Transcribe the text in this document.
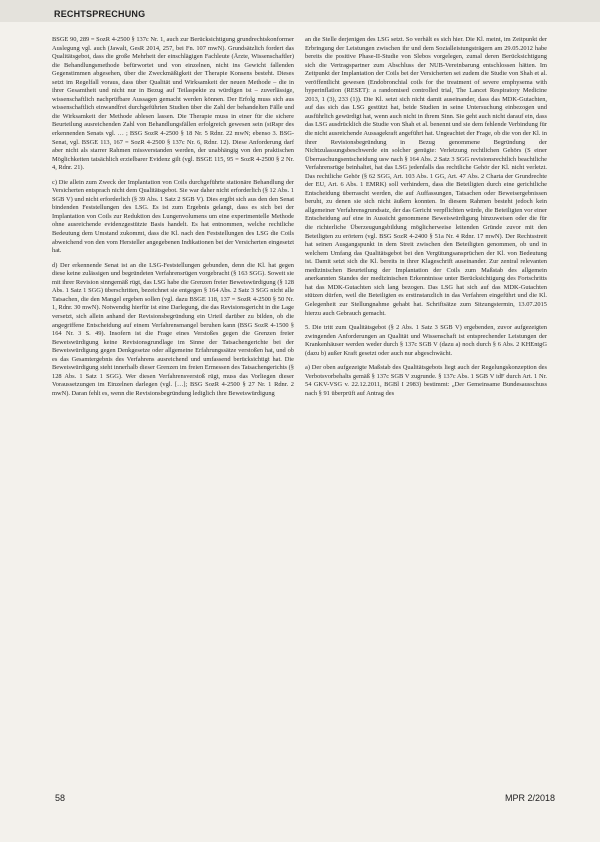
RECHTSPRECHUNG

BSGE 90, 289 = SozR 4-2500 § 137c Nr. 1, auch zur Berücksichtigung grundrechtskonformer Auslegung vgl. auch (Jawalt, GesR 2014, 257, bei Fn. 107 mwN). Grundsätzlich fordert das Qualitätsgebot, dass die große Mehrheit der einschlägigen Fachleute (Ärzte, Wissenschaftler) die Behandlungsmethode befürwortet und von einzelnen, nicht ins Gewicht fallenden Gegenstimmen abgesehen, über die Zweckmäßigkeit der Therapie Konsens besteht. Dieses setzt im Regelfall voraus, dass über Qualität und Wirksamkeit der neuen Methode – die in ihrer Gesamtheit und nicht nur in Bezug auf Teilaspekte zu würdigen ist – zuverlässige, wissenschaftlich nachprüfbare Aussagen gemacht werden können. Der Erfolg muss sich aus wissenschaftlich einwandfrei durchgeführten Studien über die Zahl der behandelten Fälle und die Wirksamkeit der Methode ablesen lassen. Die Therapie muss in einer für die sichere Beurteilung ausreichenden Zahl von Behandlungsfällen erfolgreich gewesen sein (stRspr des erkennenden Senats vgl. … ; BSG SozR 4-2500 § 18 Nr. 5 Rdnr. 22 mwN; ebenso 3. BSG-Senat, vgl. BSGE 113, 167 = SozR 4-2500 § 137c Nr. 6, Rdnr. 12). Diese Anforderung darf aber nicht als starrer Rahmen missverstanden werden, der unabhängig von den praktischen Möglichkeiten tatsächlich erzielbarer Evidenz gilt (vgl. BSGE 115, 95 = SozR 4-2500 § 2 Nr. 4, Rdnr. 21).

c) Die allein zum Zweck der Implantation von Coils durchgeführte stationäre Behandlung der Versicherten entsprach nicht dem Qualitätsgebot. Sie war daher nicht erforderlich (§ 12 Abs. 1 SGB V) und nicht erforderlich (§ 39 Abs. 1 Satz 2 SGB V). Dies ergibt sich aus den den Senat bindenden Feststellungen des LSG. Es ist zum Ergebnis gelangt, dass es sich bei der Implantation von Coils zur Reduktion des Lungenvolumens um eine experimentelle Methode ohne ausreichende evidenzgestützte Basis handelt. Es hat entnommen, welche rechtliche Bedeutung dem Umstand zukommt, dass die Kl. nach den Feststellungen des LSG die Coils abweichend von den vom Hersteller angegebenen Indikationen bei der Versicherten eingesetzt hat.

d) Der erkennende Senat ist an die LSG-Feststellungen gebunden, denn die Kl. hat gegen diese keine zulässigen und begründeten Verfahrensrügen vorgebracht (§ 163 SGG). Soweit sie mit ihrer Revision sinngemäß rügt, das LSG habe die Grenzen freier Beweiswürdigung (§ 128 Abs. 1 Satz 1 SGG) überschritten, bezeichnet sie entgegen § 164 Abs. 2 Satz 3 SGG nicht alle Tatsachen, die den Mangel ergeben sollen (vgl. dazu BSGE 118, 137 = SozR 4-2500 § 50 Nr. 1, Rdnr. 30 mwN). Notwendig hierfür ist eine Darlegung, die das Revisionsgericht in die Lage versetzt, sich allein anhand der Revisionsbegründung ein Urteil darüber zu bilden, ob die angegriffene Entscheidung auf einem Verfahrensmangel beruhen kann (BSG SozR 4-1500 § 164 Nr. 3 S. 49). Insofern ist die Frage eines Verstoßes gegen die Grenzen freier Beweiswürdigung keine Revisionsgrundlage im Sinne der Tatsachengerichte bei der Beweiswürdigung gegen Denkgesetze oder allgemeine Erfahrungssätze verstoßen hat, und ob es das Gesamtergebnis des Verfahrens ausreichend und umfassend berücksichtigt hat. Die Beweiswürdigung steht innerhalb dieser Grenzen im freien Ermessen des Tatsachengerichts (§ 128 Abs. 1 Satz 1 SGG). Wer diesen Verfahrensverstoß rügt, muss das Vorliegen dieser Voraussetzungen im Einzelnen darlegen (vgl. […]; BSG SozR 4-2500 § 27 Nr. 1 Rdnr. 2 mwN). Daran fehlt es, wenn die Revisionsbegründung lediglich ihre Beweiswürdigung

an die Stelle derjenigen des LSG setzt. So verhält es sich hier. Die Kl. meint, im Zeitpunkt der Erbringung der Leistungen zwischen ihr und dem Sozialleistungsträgern am 29.05.2012 habe bereits die positive Phase-II-Studie von Slebos vorgelegen, zumal deren Berücksichtigung sich die Vertragspartner zum Abschluss der NUB-Vereinbarung entschlossen hätten. Im Zeitpunkt der Implantation der Coils bei der Versicherten sei zudem die Studie von Shah et al. veröffentlicht gewesen (Endobronchial coils for the treatment of severe emphysema with hyperinflation (RESET): a randomised controlled trial, The Lancet Respiratory Medicine 2013, 1 (3), 233 (1)). Die Kl. setzt sich nicht damit auseinander, dass das MDK-Gutachten, auf das sich das LSG gestützt hat, beide Studien in seine Untersuchung einbezogen und ausführlich gewürdigt hat, wenn auch nicht in ihrem Sinn. Sie geht auch nicht darauf ein, dass das LSG ausdrücklich die Studie von Shah et al. benennt und sie dem fehlende Verbindung für die nicht ausreichende Aussagekraft angeführt hat. Ungeachtet der Frage, ob die von der Kl. in ihrer Revisionsbegründung in Bezug genommene Begründung der Nichtzulassungsbeschwerde ein solcher genügte: Verletzung rechtlichen Gehörs (S einer Überraschungsentscheidung usw nach § 164 Abs. 2 Satz 3 SGG revisionsrechtlich beachtliche Verfahrensrüge beinhaltet, hat das LSG jedenfalls das rechtliche Gehör der Kl. nicht verletzt. Das rechtliche Gehör (§ 62 SGG, Art. 103 Abs. 1 GG, Art. 47 Abs. 2 Charta der Grundrechte der EU, Art. 6 Abs. 1 EMRK) soll verhindern, dass die Beteiligten durch eine gerichtliche Entscheidung überrascht werden, die auf Auffassungen, Tatsachen oder Beweisergebnissen beruht, zu denen sie sich nicht äußern konnten. In diesem Rahmen besteht jedoch kein allgemeiner Verfahrensgrundsatz, der das Gericht verpflichten würde, die Beteiligten vor einer Entscheidung auf eine in Aussicht genommene Beweiswürdigung hinzuweisen oder die für die richterliche Überzeugungsbildung möglicherweise leitenden Gründe zuvor mit den Beteiligten zu erörtern (vgl. BSG SozR 4-2400 § 51a Nr. 4 Rdnr. 17 mwN). Der Rechtsstreit hat seinen Ausgangspunkt in dem Streit zwischen den Beteiligten genommen, ob und in welchem Umfang das Qualitätsgebot bei den Vergütungsansprüchen der Kl. von Bedeutung ist. Damit setzt sich die Kl. bereits in ihrer Klageschrift auseinander. Zur zentral relevanten medizinischen Beurteilung der Implantation der Coils zum Maßstab des allgemein anerkannten Standes der medizinischen Erkenntnisse unter Berücksichtigung des Fortschritts hat das MDK-Gutachten sich lang bezogen. Das LSG hat sich auf das MDK-Gutachten stützen dürfen, weil die Beteiligten es erstinstanzlich in das Verfahren eingeführt und die Kl. Gelegenheit zur Stellungnahme gehabt hat. Schriftsätze zum Sitzungstermin, 13.07.2015 hierzu auch Gebrauch gemacht.

5. Die tritt zum Qualitätsgebot (§ 2 Abs. 1 Satz 3 SGB V) ergebenden, zuvor aufgezeigten zwingenden Anforderungen an Qualität und Wissenschaft ist entsprechender Leistungen der Krankenhäuser werden weder durch § 137c SGB V (dazu a) noch durch § 6 Abs. 2 KHEntgG (dazu b) außer Kraft gesetzt oder auch nur abgeschwächt.

a) Der oben aufgezeigte Maßstab des Qualitätsgebots liegt auch der Regelungskonzeption des Verbotsvorbehalts gemäß § 137c SGB V zugrunde. § 137c Abs. 1 SGB V idF durch Art. 1 Nr. 54 GKV-VSG v. 22.12.2011, BGBl I 2983) bestimmt: „Der Gemeinsame Bundesausschuss nach § 91 überprüft auf Antrag des

58	MPR 2/2018
